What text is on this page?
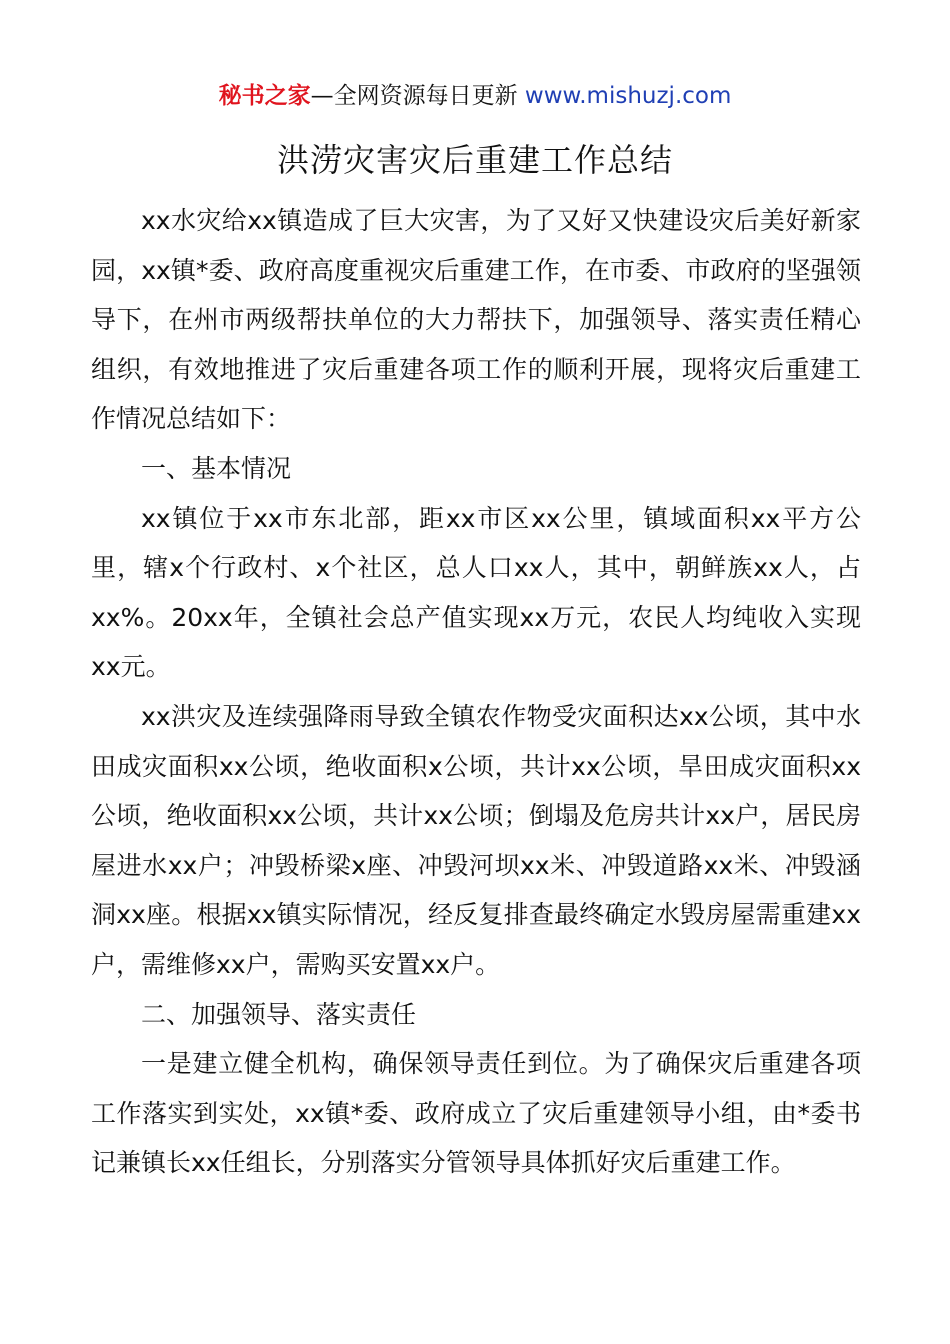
秘书之家—全网资源每日更新 www.mishuzj.com
洪涝灾害灾后重建工作总结

xx水灾给xx镇造成了巨大灾害，为了又好又快建设灾后美好新家园，xx镇*委、政府高度重视灾后重建工作，在市委、市政府的坚强领导下，在州市两级帮扶单位的大力帮扶下，加强领导、落实责任精心组织，有效地推进了灾后重建各项工作的顺利开展，现将灾后重建工作情况总结如下：

一、基本情况

xx镇位于xx市东北部，距xx市区xx公里，镇域面积xx平方公里，辖x个行政村、x个社区，总人口xx人，其中，朝鲜族xx人，占xx%。20xx年，全镇社会总产值实现xx万元，农民人均纯收入实现xx元。

xx洪灾及连续强降雨导致全镇农作物受灾面积达xx公顷，其中水田成灾面积xx公顷，绝收面积x公顷，共计xx公顷，旱田成灾面积xx公顷，绝收面积xx公顷，共计xx公顷；倒塌及危房共计xx户，居民房屋进水xx户；冲毁桥梁x座、冲毁河坝xx米、冲毁道路xx米、冲毁涵洞xx座。根据xx镇实际情况，经反复排查最终确定水毁房屋需重建xx户，需维修xx户，需购买安置xx户。

二、加强领导、落实责任

一是建立健全机构，确保领导责任到位。为了确保灾后重建各项工作落实到实处，xx镇*委、政府成立了灾后重建领导小组，由*委书记兼镇长xx任组长，分别落实分管领导具体抓好灾后重建工作。
